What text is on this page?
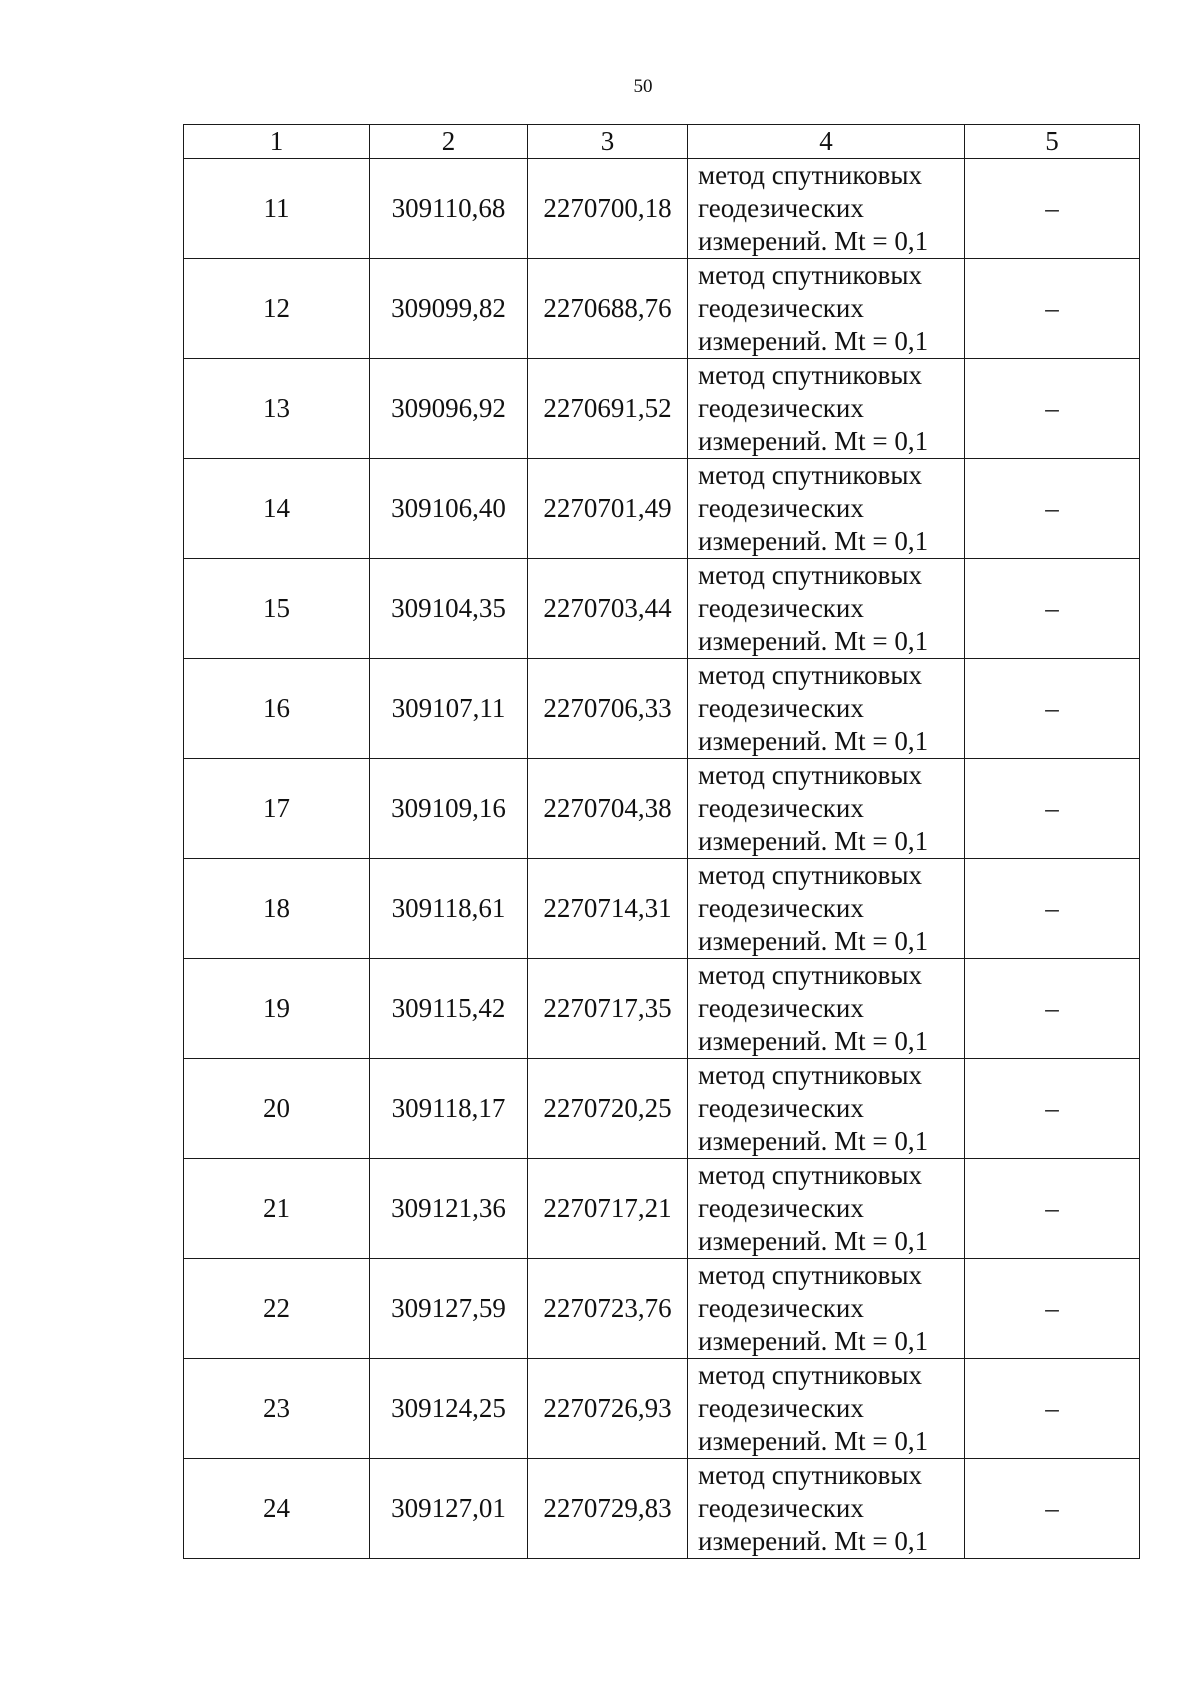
50
1	2	3	4	5
11	309110,68	2270700,18	метод спутниковых
геодезических
измерений. Mt = 0,1	–
12	309099,82	2270688,76	метод спутниковых
геодезических
измерений. Mt = 0,1	–
13	309096,92	2270691,52	метод спутниковых
геодезических
измерений. Mt = 0,1	–
14	309106,40	2270701,49	метод спутниковых
геодезических
измерений. Mt = 0,1	–
15	309104,35	2270703,44	метод спутниковых
геодезических
измерений. Mt = 0,1	–
16	309107,11	2270706,33	метод спутниковых
геодезических
измерений. Mt = 0,1	–
17	309109,16	2270704,38	метод спутниковых
геодезических
измерений. Mt = 0,1	–
18	309118,61	2270714,31	метод спутниковых
геодезических
измерений. Mt = 0,1	–
19	309115,42	2270717,35	метод спутниковых
геодезических
измерений. Mt = 0,1	–
20	309118,17	2270720,25	метод спутниковых
геодезических
измерений. Mt = 0,1	–
21	309121,36	2270717,21	метод спутниковых
геодезических
измерений. Mt = 0,1	–
22	309127,59	2270723,76	метод спутниковых
геодезических
измерений. Mt = 0,1	–
23	309124,25	2270726,93	метод спутниковых
геодезических
измерений. Mt = 0,1	–
24	309127,01	2270729,83	метод спутниковых
геодезических
измерений. Mt = 0,1	–
